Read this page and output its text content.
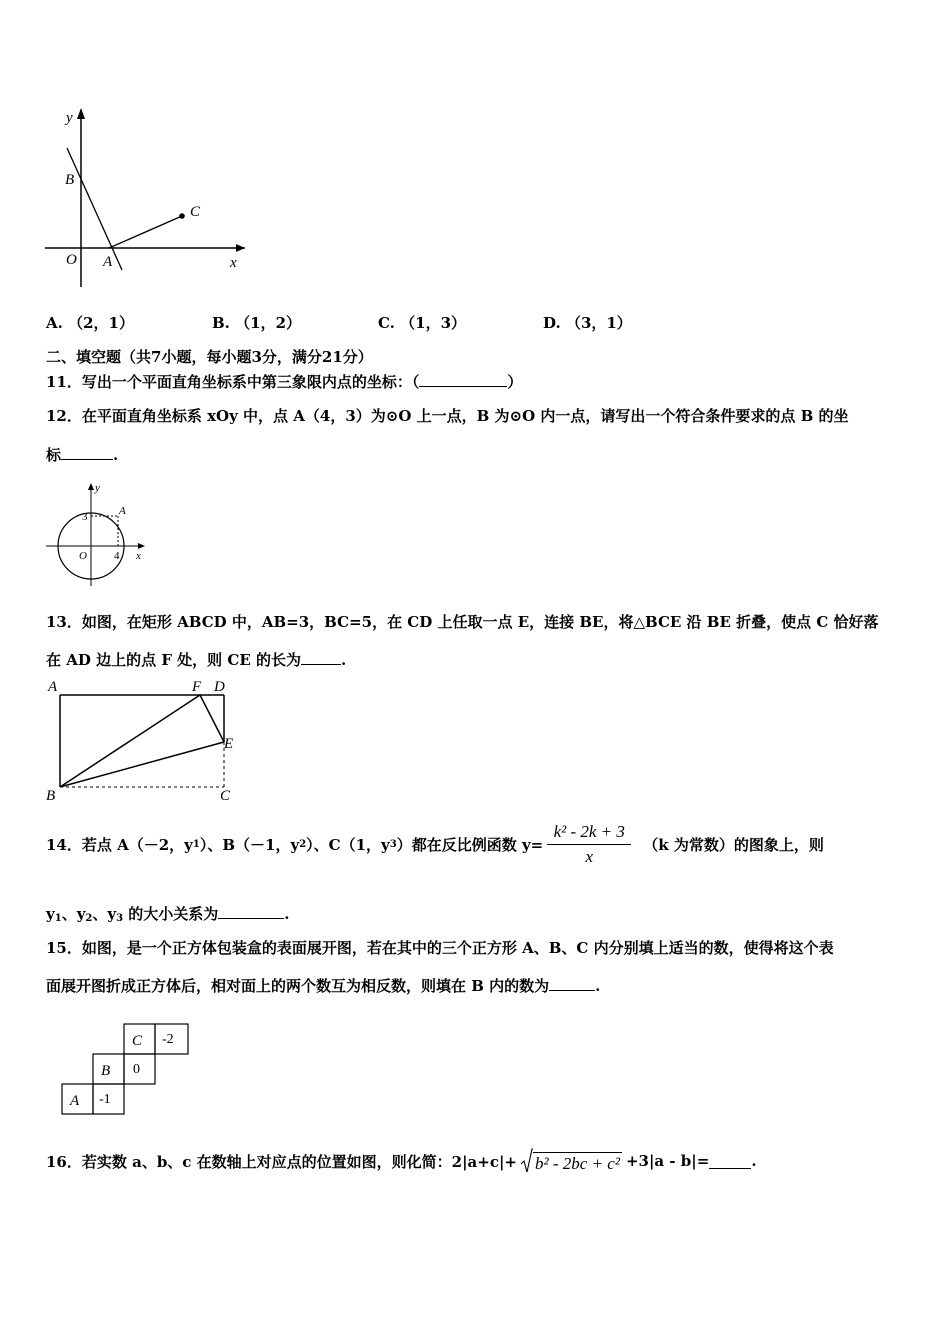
y
x
O A
B
C
A. （2，1）	B. （1，2）	C. （1，3）	D. （3，1）
二、填空题（共7小题，每小题3分，满分21分）
11．写出一个平面直角坐标系中第三象限内点的坐标：（	）
12．在平面直角坐标系 xOy 中，点 A（4，3）为⊙O 上一点，B 为⊙O 内一点，请写出一个符合条件要求的点 B 的坐
标	.
y
x
O
A
3
4
13．如图，在矩形 ABCD 中，AB=3，BC=5，在 CD 上任取一点 E，连接 BE，将△BCE 沿 BE 折叠，使点 C 恰好落
在 AD 边上的点 F 处，则 CE 的长为	.
A	F D
E
B	C
14．若点 A（－2，y 1 ）、B（－1，y 2 ）、C（1，y 3 ）都在反比例函数 $y= \frac{\text{k² - 2k + 3}}{x} (k$ 为常数）的图象上，则
$y_1$、$y_2$、$y_3$ 的大小关系为	.
15．如图，是一个正方体包装盒的表面展开图，若在其中的三个正方形 A、B、C 内分别填上适当的数，使得将这个表
面展开图折成正方体后，相对面上的两个数互为相反数，则填在 B 内的数为	.
C -2
B 0
A -1
16．若实数 a、b、c 在数轴上对应点的位置如图，则化简：2|a+c|+ b² - 2bc + c² +3|a - b|=	.
